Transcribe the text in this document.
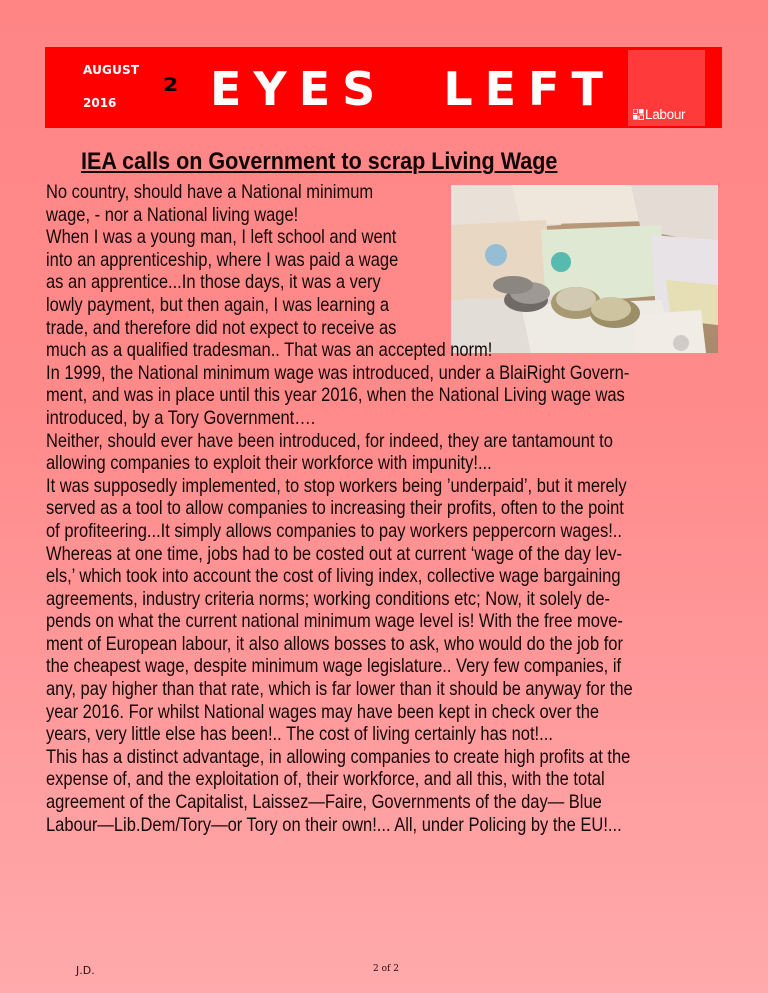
AUGUST
2016
2 EYES  LEFT Labour
IEA calls on Government to scrap Living Wage
No country, should have a National minimum
wage, - nor a National living wage!
When I was a young man, I left school and went
into an apprenticeship, where I was paid a wage
as an apprentice...In those days, it was a very
lowly payment, but then again, I was learning a
trade, and therefore did not expect to receive as
much as a qualified tradesman.. That was an accepted norm!
In 1999, the National minimum wage was introduced, under a BlaiRight Govern-
ment, and was in place until this year 2016, when the National Living wage was
introduced, by a Tory Government….
Neither, should ever have been introduced, for indeed, they are tantamount to
allowing companies to exploit their workforce with impunity!...
It was supposedly implemented, to stop workers being ’underpaid’, but it merely
served as a tool to allow companies to increasing their profits, often to the point
of profiteering...It simply allows companies to pay workers peppercorn wages!..
Whereas at one time, jobs had to be costed out at current ‘wage of the day lev-
els,’ which took into account the cost of living index, collective wage bargaining
agreements, industry criteria norms; working conditions etc; Now, it solely de-
pends on what the current national minimum wage level is! With the free move-
ment of European labour, it also allows bosses to ask, who would do the job for
the cheapest wage, despite minimum wage legislature.. Very few companies, if
any, pay higher than that rate, which is far lower than it should be anyway for the
year 2016. For whilst National wages may have been kept in check over the
years, very little else has been!.. The cost of living certainly has not!...
This has a distinct advantage, in allowing companies to create high profits at the
expense of, and the exploitation of, their workforce, and all this, with the total
agreement of the Capitalist, Laissez—Faire, Governments of the day— Blue
Labour—Lib.Dem/Tory—or Tory on their own!... All, under Policing by the EU!...
J.D.	2 of 2
